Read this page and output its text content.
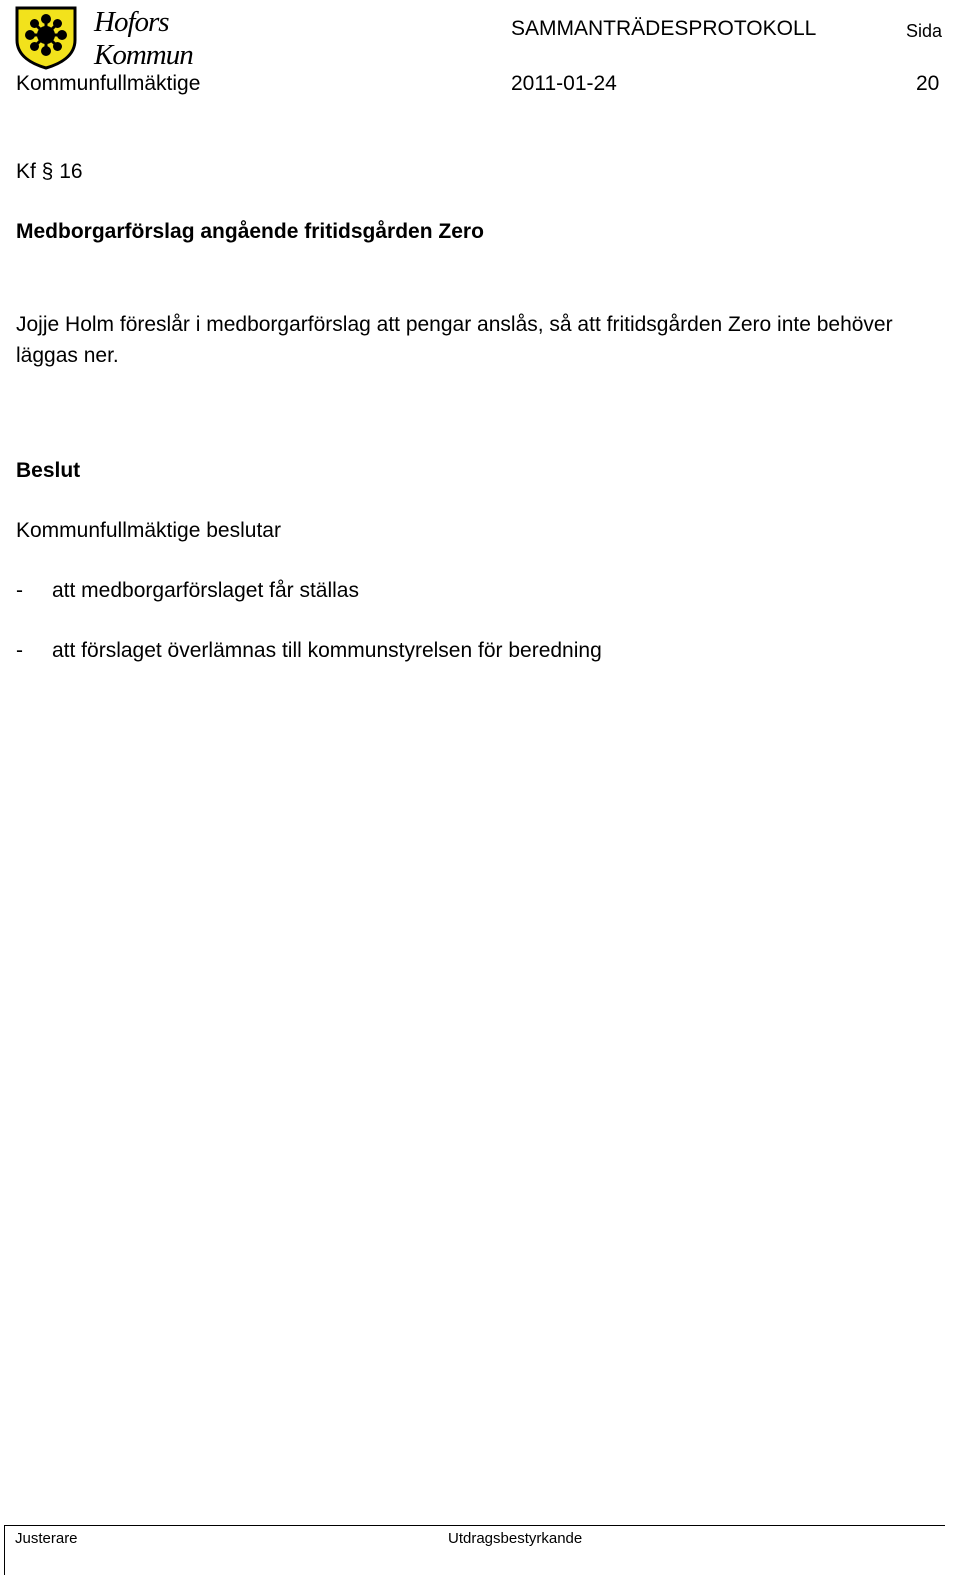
Hofors Kommun
SAMMANTRÄDESPROTOKOLL	Sida
Kommunfullmäktige	2011-01-24	20
Kf § 16
Medborgarförslag angående fritidsgården Zero
Jojje Holm föreslår i medborgarförslag att pengar anslås, så att fritidsgården Zero inte behöver läggas ner.
Beslut
Kommunfullmäktige beslutar
- att medborgarförslaget får ställas
- att förslaget överlämnas till kommunstyrelsen för beredning
Justerare	Utdragsbestyrkande
